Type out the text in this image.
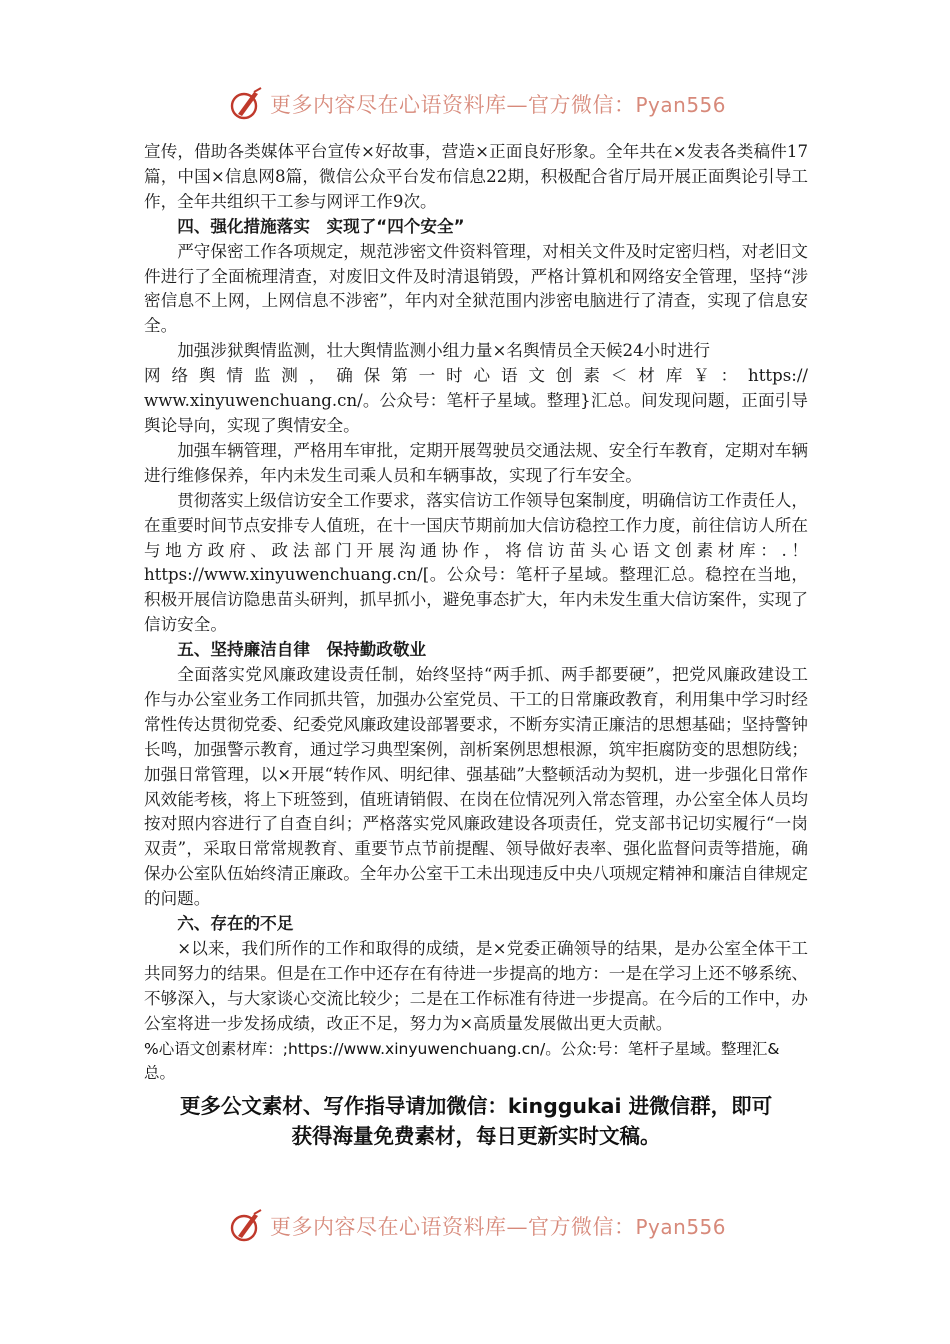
更多内容尽在心语资料库—官方微信：Pyan556

宣传，借助各类媒体平台宣传×好故事，营造×正面良好形象。全年共在×发表各类稿件17篇，中国×信息网8篇，微信公众平台发布信息22期，积极配合省厅局开展正面舆论引导工作，全年共组织干工参与网评工作9次。

四、强化措施落实　实现了“四个安全”

严守保密工作各项规定，规范涉密文件资料管理，对相关文件及时定密归档，对老旧文件进行了全面梳理清查，对废旧文件及时清退销毁，严格计算机和网络安全管理，坚持“涉密信息不上网，上网信息不涉密”，年内对全狱范围内涉密电脑进行了清查，实现了信息安全。

加强涉狱舆情监测，壮大舆情监测小组力量×名舆情员全天候24小时进行

网络舆情监测，确保第一时心语文创素＜材库￥：https://

www.xinyuwenchuang.cn/。公众号：笔杆子星域。整理}汇总。间发现问题，正面引导舆论导向，实现了舆情安全。

加强车辆管理，严格用车审批，定期开展驾驶员交通法规、安全行车教育，定期对车辆进行维修保养，年内未发生司乘人员和车辆事故，实现了行车安全。

贯彻落实上级信访安全工作要求，落实信访工作领导包案制度，明确信访工作责任人，在重要时间节点安排专人值班，在十一国庆节期前加大信访稳控工作力度，前往信访人所在与地方政府、政法部门开展沟通协作，将信访苗头心语文创素材库：.！https://www.xinyuwenchuang.cn/[。公众号：笔杆子星域。整理汇总。稳控在当地，积极开展信访隐患苗头研判，抓早抓小，避免事态扩大，年内未发生重大信访案件，实现了信访安全。

五、坚持廉洁自律　保持勤政敬业

全面落实党风廉政建设责任制，始终坚持“两手抓、两手都要硬”，把党风廉政建设工作与办公室业务工作同抓共管，加强办公室党员、干工的日常廉政教育，利用集中学习时经常性传达贯彻党委、纪委党风廉政建设部署要求，不断夯实清正廉洁的思想基础；坚持警钟长鸣，加强警示教育，通过学习典型案例，剖析案例思想根源，筑牢拒腐防变的思想防线；加强日常管理，以×开展“转作风、明纪律、强基础”大整顿活动为契机，进一步强化日常作风效能考核，将上下班签到，值班请销假、在岗在位情况列入常态管理，办公室全体人员均按对照内容进行了自查自纠；严格落实党风廉政建设各项责任，党支部书记切实履行“一岗双责”，采取日常常规教育、重要节点节前提醒、领导做好表率、强化监督问责等措施，确保办公室队伍始终清正廉政。全年办公室干工未出现违反中央八项规定精神和廉洁自律规定的问题。

六、存在的不足

×以来，我们所作的工作和取得的成绩，是×党委正确领导的结果，是办公室全体干工共同努力的结果。但是在工作中还存在有待进一步提高的地方：一是在学习上还不够系统、不够深入，与大家谈心交流比较少；二是在工作标准有待进一步提高。在今后的工作中，办公室将进一步发扬成绩，改正不足，努力为×高质量发展做出更大贡献。

%心语文创素材库：;https://www.xinyuwenchuang.cn/。公众:号：笔杆子星域。整理汇&总。

更多公文素材、写作指导请加微信：kinggukai 进微信群，即可
获得海量免费素材，每日更新实时文稿。
更多内容尽在心语资料库—官方微信：Pyan556
